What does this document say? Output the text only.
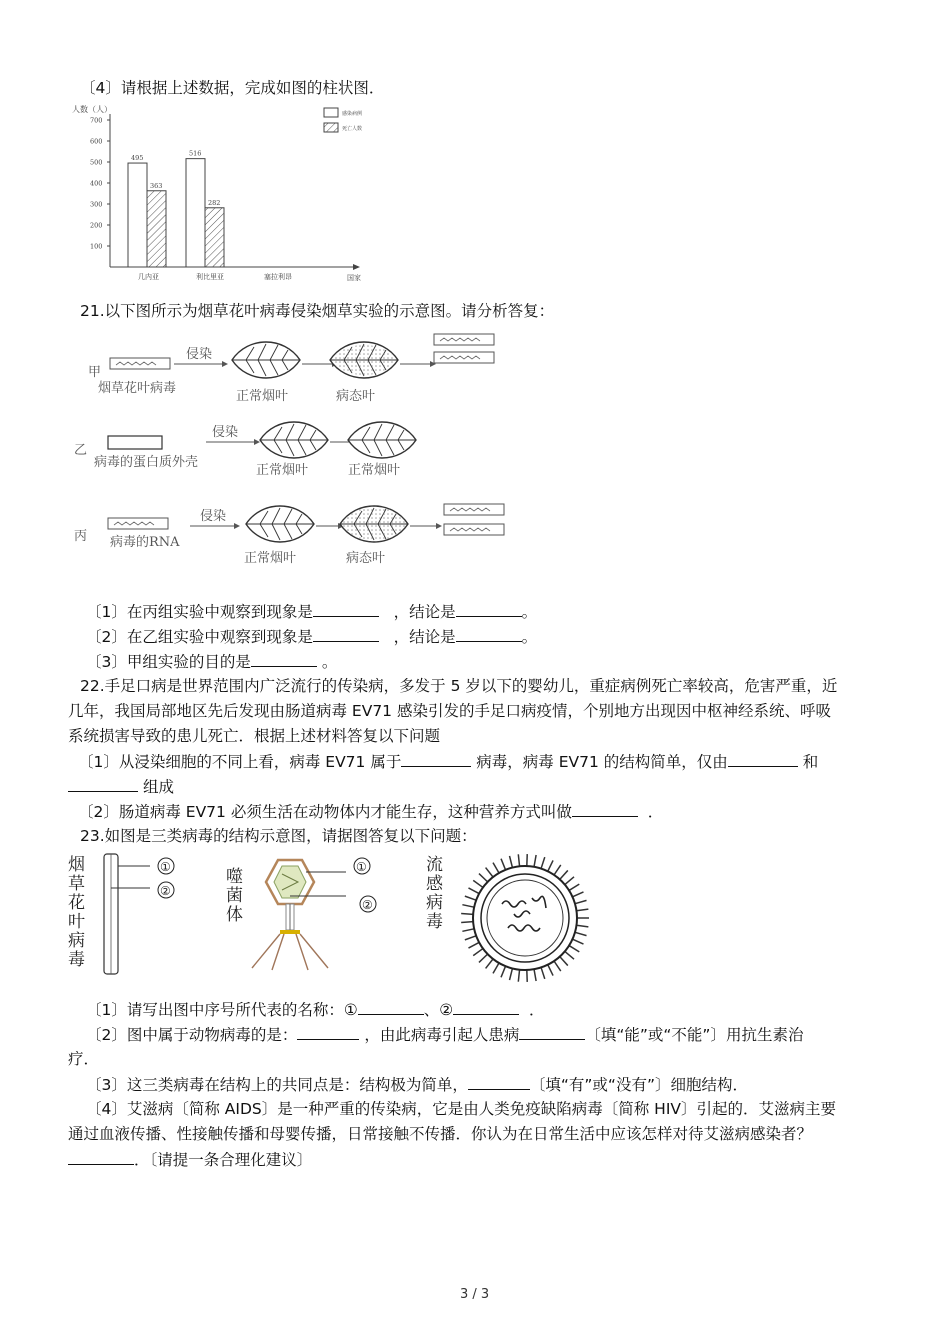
〔4〕请根据上述数据，完成如图的柱状图．
人数（人）
100
200
300
400
500
600
700
495
363
516
282
几内亚	利比里亚	塞拉利昂	国家
感染病例
死亡人数
21.以下图所示为烟草花叶病毒侵染烟草实验的示意图。请分析答复：
甲
烟草花叶病毒
侵染
正常烟叶	病态叶
乙
病毒的蛋白质外壳
侵染
正常烟叶	正常烟叶
丙 病毒的RNA
侵染
正常烟叶	病态叶
〔1〕在丙组实验中观察到现象是	，结论是	。
〔2〕在乙组实验中观察到现象是	，结论是	。
〔3〕甲组实验的目的是	。
22.手足口病是世界范围内广泛流行的传染病，多发于 5 岁以下的婴幼儿，重症病例死亡率较高，危害严重，近
几年，我国局部地区先后发现由肠道病毒 EV71 感染引发的手足口病疫情，个别地方出现因中枢神经系统、呼吸
系统损害导致的患儿死亡．根据上述材料答复以下问题
〔1〕从浸染细胞的不同上看，病毒 EV71 属于	病毒，病毒 EV71 的结构简单，仅由	和
组成
〔2〕肠道病毒 EV71 必须生活在动物体内才能生存，这种营养方式叫做	．
23.如图是三类病毒的结构示意图，请据图答复以下问题：
烟草花叶病毒
①
②
噬菌体
①
②
流感病毒
〔1〕请写出图中序号所代表的名称：①	、②	．
〔2〕图中属于动物病毒的是：	，由此病毒引起人患病	〔填“能”或“不能”〕用抗生素治
疗．
〔3〕这三类病毒在结构上的共同点是：结构极为简单，	〔填“有”或“没有”〕细胞结构．
〔4〕艾滋病〔简称 AIDS〕是一种严重的传染病，它是由人类免疫缺陷病毒〔简称 HIV〕引起的．艾滋病主要
通过血液传播、性接触传播和母婴传播，日常接触不传播．你认为在日常生活中应该怎样对待艾滋病感染者？
．〔请提一条合理化建议〕
3 / 3
